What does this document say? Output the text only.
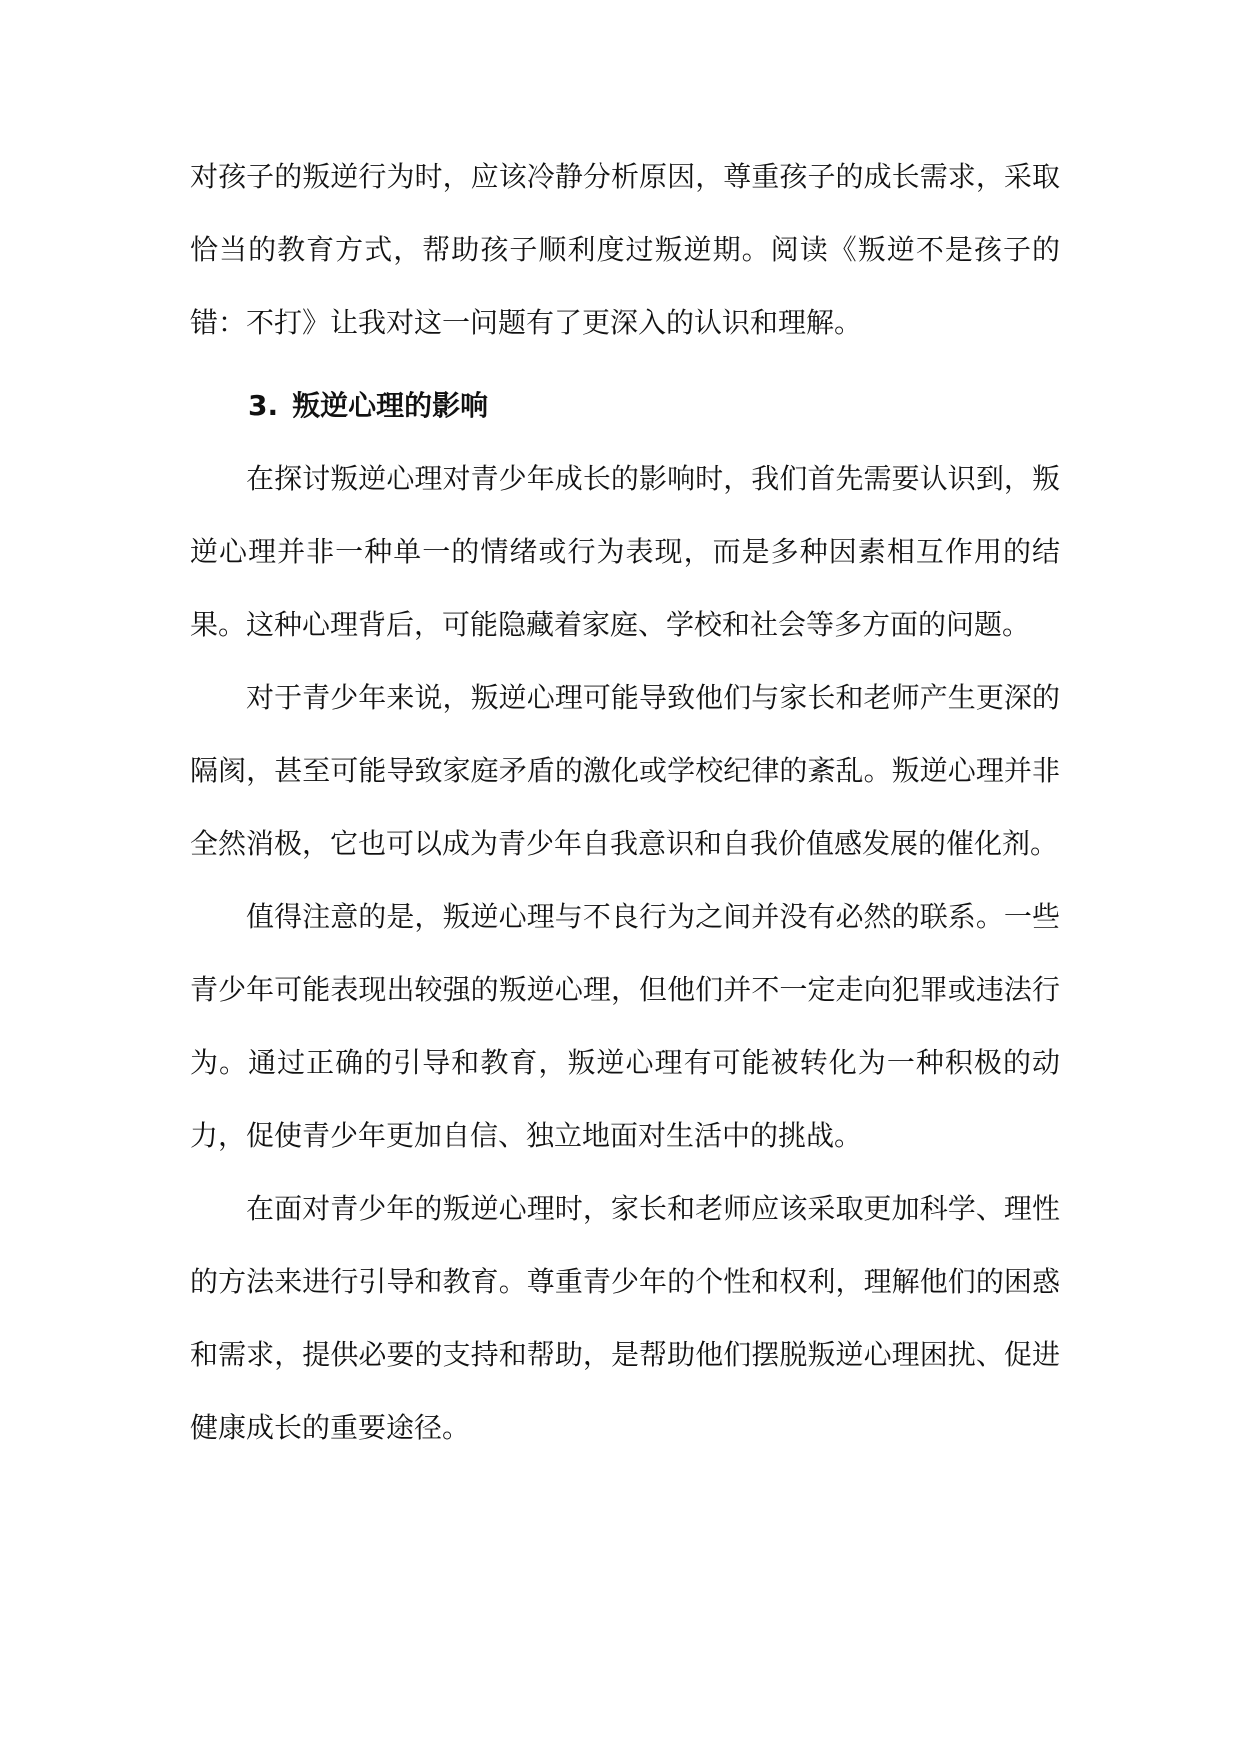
对孩子的叛逆行为时，应该冷静分析原因，尊重孩子的成长需求，采取恰当的教育方式，帮助孩子顺利度过叛逆期。阅读《叛逆不是孩子的错：不打》让我对这一问题有了更深入的认识和理解。

3. 叛逆心理的影响

在探讨叛逆心理对青少年成长的影响时，我们首先需要认识到，叛逆心理并非一种单一的情绪或行为表现，而是多种因素相互作用的结果。这种心理背后，可能隐藏着家庭、学校和社会等多方面的问题。

对于青少年来说，叛逆心理可能导致他们与家长和老师产生更深的隔阂，甚至可能导致家庭矛盾的激化或学校纪律的紊乱。叛逆心理并非全然消极，它也可以成为青少年自我意识和自我价值感发展的催化剂。

值得注意的是，叛逆心理与不良行为之间并没有必然的联系。一些青少年可能表现出较强的叛逆心理，但他们并不一定走向犯罪或违法行为。通过正确的引导和教育，叛逆心理有可能被转化为一种积极的动力，促使青少年更加自信、独立地面对生活中的挑战。

在面对青少年的叛逆心理时，家长和老师应该采取更加科学、理性的方法来进行引导和教育。尊重青少年的个性和权利，理解他们的困惑和需求，提供必要的支持和帮助，是帮助他们摆脱叛逆心理困扰、促进健康成长的重要途径。
